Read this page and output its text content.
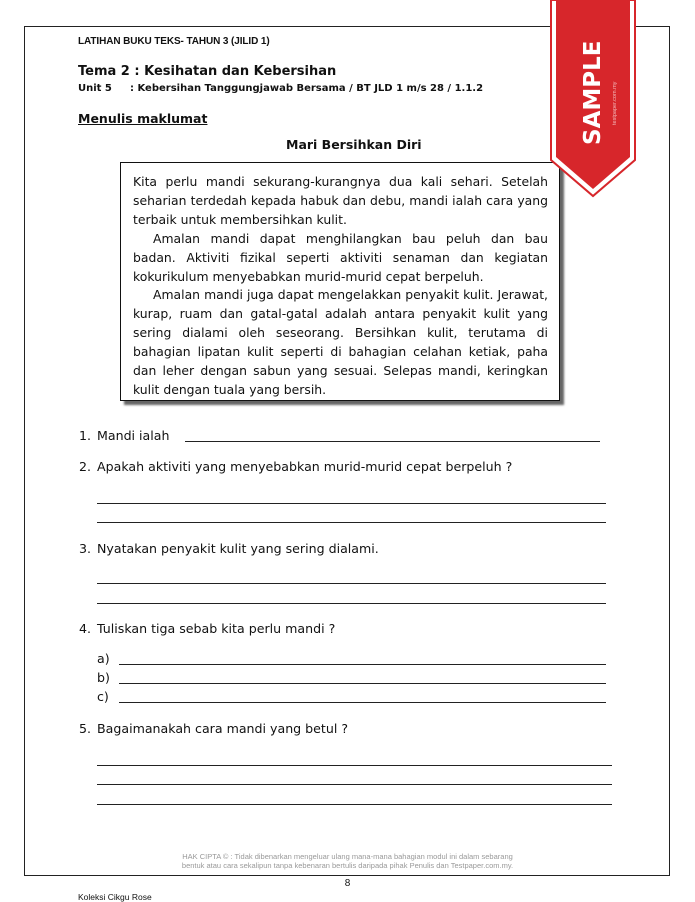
LATIHAN BUKU TEKS- TAHUN 3 (JILID 1)
Tema 2 : Kesihatan dan Kebersihan
Unit 5 : Kebersihan Tanggungjawab Bersama / BT JLD 1 m/s 28 / 1.1.2
Menulis maklumat
Mari Bersihkan Diri

Kita perlu mandi sekurang-kurangnya dua kali sehari. Setelah seharian terdedah kepada habuk dan debu, mandi ialah cara yang terbaik untuk membersihkan kulit.

Amalan mandi dapat menghilangkan bau peluh dan bau badan. Aktiviti fizikal seperti aktiviti senaman dan kegiatan kokurikulum menyebabkan murid-murid cepat berpeluh.

Amalan mandi juga dapat mengelakkan penyakit kulit. Jerawat, kurap, ruam dan gatal-gatal adalah antara penyakit kulit yang sering dialami oleh seseorang. Bersihkan kulit, terutama di bahagian lipatan kulit seperti di bahagian celahan ketiak, paha dan leher dengan sabun yang sesuai. Selepas mandi, keringkan kulit dengan tuala yang bersih.

1. Mandi ialah
2. Apakah aktiviti yang menyebabkan murid-murid cepat berpeluh ?
3. Nyatakan penyakit kulit yang sering dialami.
4. Tuliskan tiga sebab kita perlu mandi ?
a)
b)
c)
5. Bagaimanakah cara mandi yang betul ?
SAMPLE testpaper.com.my
HAK CIPTA © : Tidak dibenarkan mengeluar ulang mana-mana bahagian modul ini dalam sebarang
bentuk atau cara sekalipun tanpa kebenaran bertulis daripada pihak Penulis dan Testpaper.com.my.
8
Koleksi Cikgu Rose
